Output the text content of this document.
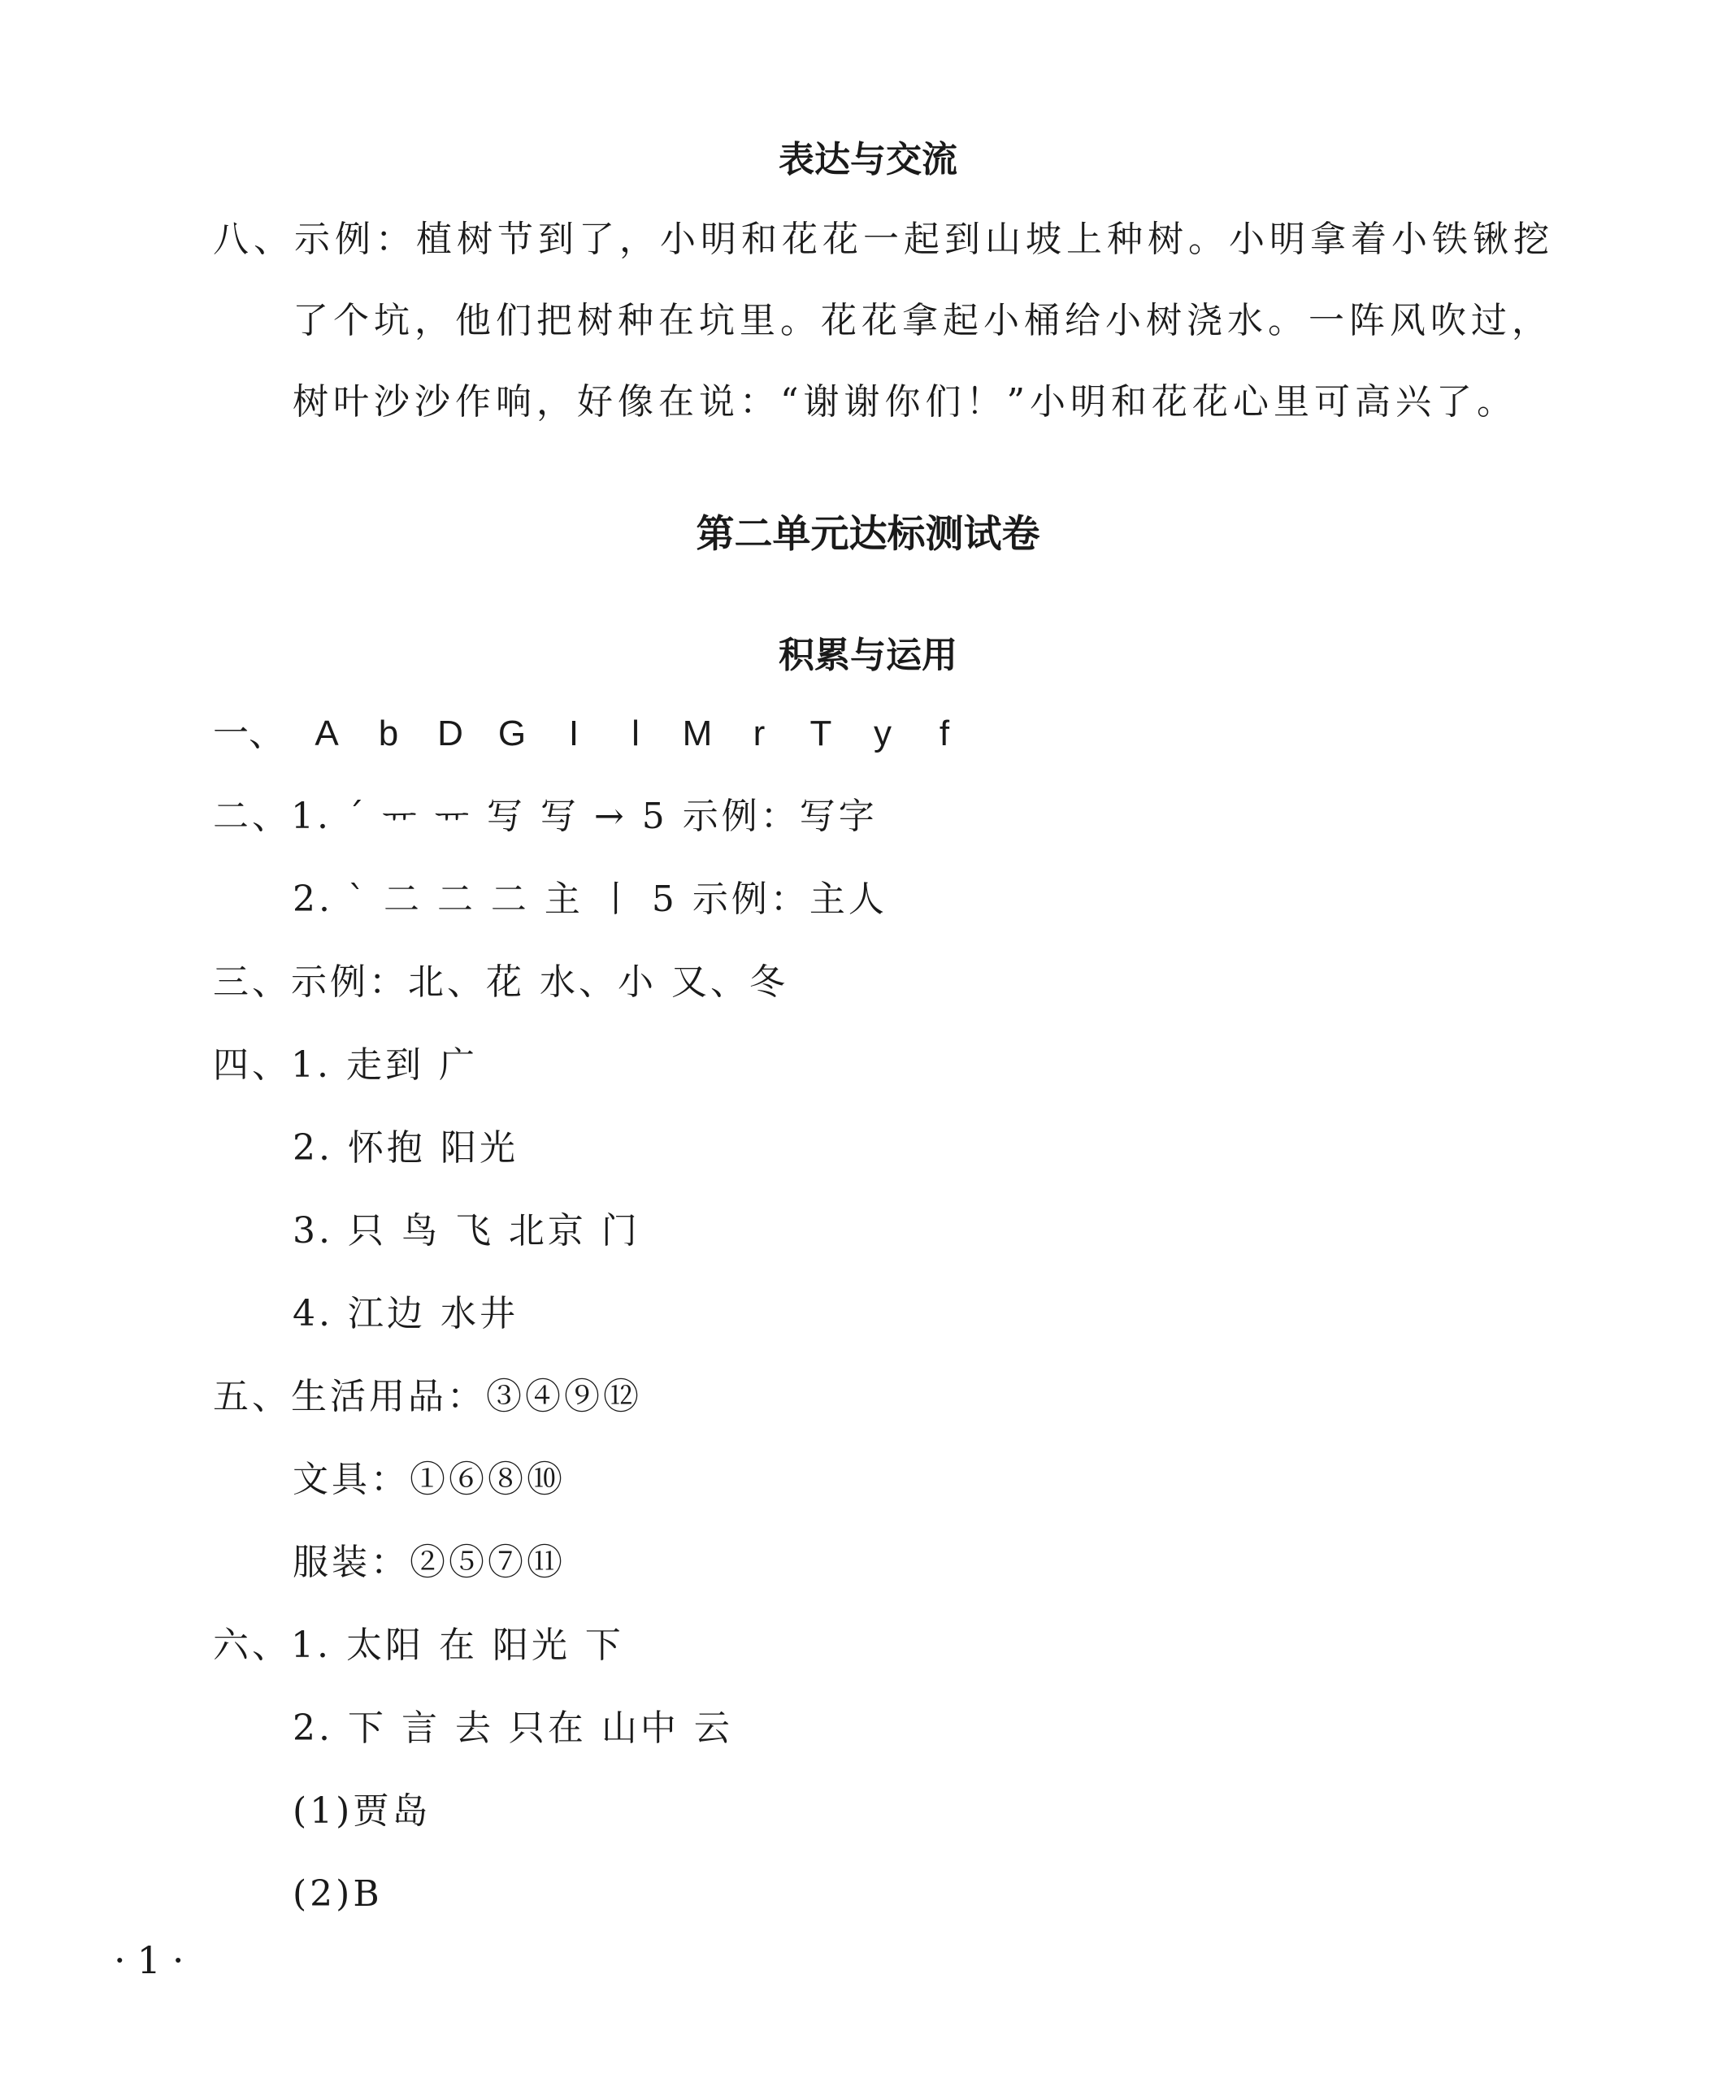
表达与交流
八、示例：植树节到了，小明和花花一起到山坡上种树。小明拿着小铁锹挖
了个坑，他们把树种在坑里。花花拿起小桶给小树浇水。一阵风吹过，
树叶沙沙作响，好像在说：“谢谢你们！”小明和花花心里可高兴了。
第二单元达标测试卷
积累与运用
一、 A b D G I l M r T y f
二、1. ˊ ᅲ ᅲ 写 写 → 5 示例：写字
2. ˋ ⼆ ⼆ ⼆ 主 丨 5 示例：主人
三、示例：北、花 水、小 又、冬
四、1. 走到 广
2. 怀抱 阳光
3. 只 鸟 飞 北京 门
4. 江边 水井
五、生活用品：③④⑨⑫
文具：①⑥⑧⑩
服装：②⑤⑦⑪
六、1. 太阳 在 阳光 下
2. 下 言 去 只在 山中 云
(1)贾岛
(2)B
·1·
